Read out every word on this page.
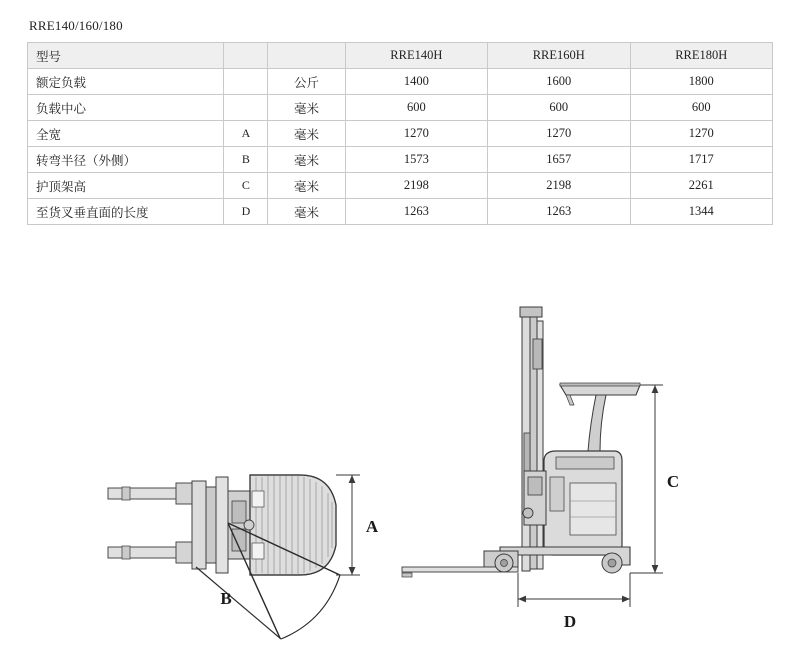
RRE140/160/180
型号			RRE140H	RRE160H	RRE180H
额定负载		公斤	1400	1600	1800
负载中心		毫米	600	600	600
全宽	A	毫米	1270	1270	1270
转弯半径（外侧）	B	毫米	1573	1657	1717
护顶架高	C	毫米	2198	2198	2261
至货叉垂直面的长度	D	毫米	1263	1263	1344
A
B
C
D
